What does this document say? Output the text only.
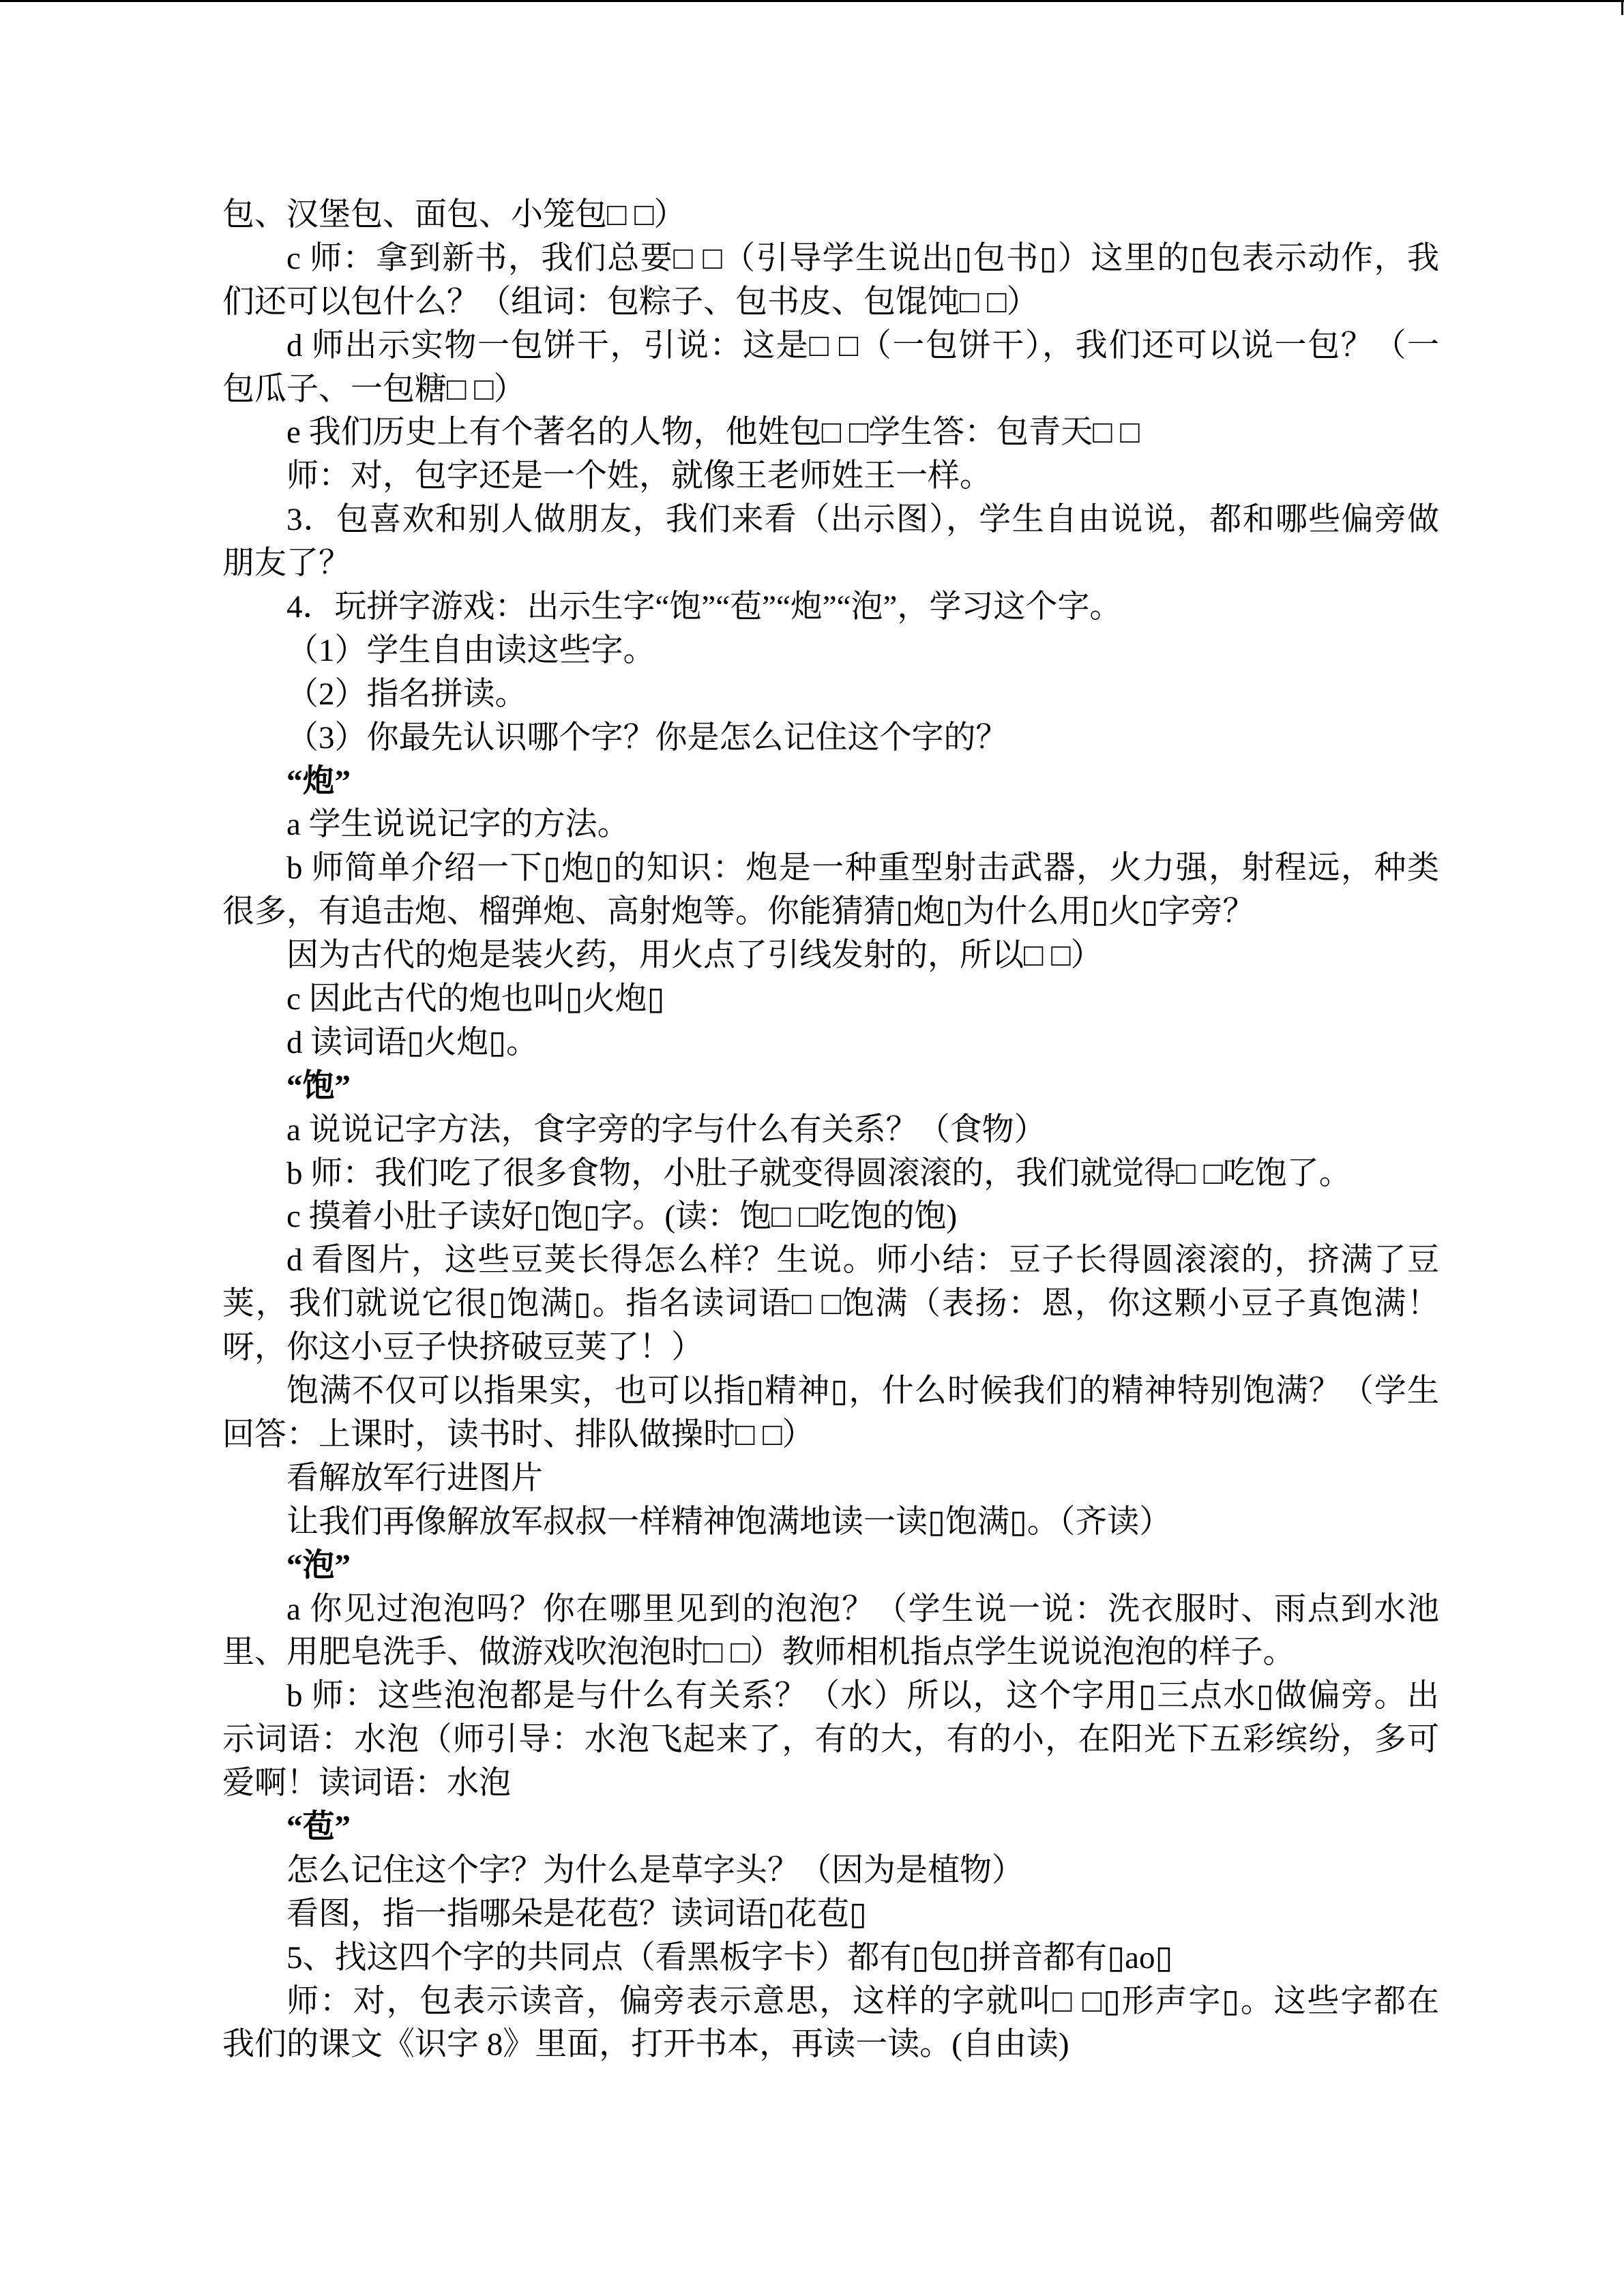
包、汉堡包、面包、小笼包□ □）
c 师：拿到新书，我们总要□ □（引导学生说出▯包书▯）这里的▯包表示动作，我
们还可以包什么？（组词：包粽子、包书皮、包馄饨□ □）
d 师出示实物一包饼干，引说：这是□ □（一包饼干），我们还可以说一包？（一
包瓜子、一包糖□ □）
e 我们历史上有个著名的人物，他姓包□ □学生答：包青天□ □
师：对，包字还是一个姓，就像王老师姓王一样。
3．包喜欢和别人做朋友，我们来看（出示图），学生自由说说，都和哪些偏旁做
朋友了？
4．玩拼字游戏：出示生字“饱”“苞”“炮”“泡”，学习这个字。
（1）学生自由读这些字。
（2）指名拼读。
（3）你最先认识哪个字？你是怎么记住这个字的？
“炮”
a 学生说说记字的方法。
b 师简单介绍一下▯炮▯的知识：炮是一种重型射击武器，火力强，射程远，种类
很多，有追击炮、榴弹炮、高射炮等。你能猜猜▯炮▯为什么用▯火▯字旁？
因为古代的炮是装火药，用火点了引线发射的，所以□ □）
c 因此古代的炮也叫▯火炮▯
d 读词语▯火炮▯。
“饱”
a 说说记字方法，食字旁的字与什么有关系？（食物）
b 师：我们吃了很多食物，小肚子就变得圆滚滚的，我们就觉得□ □吃饱了。
c 摸着小肚子读好▯饱▯字。(读：饱□ □吃饱的饱)
d 看图片，这些豆荚长得怎么样？生说。师小结：豆子长得圆滚滚的，挤满了豆
荚，我们就说它很▯饱满▯。指名读词语□ □饱满（表扬：恩，你这颗小豆子真饱满！
呀，你这小豆子快挤破豆荚了！）
饱满不仅可以指果实，也可以指▯精神▯，什么时候我们的精神特别饱满？（学生
回答：上课时，读书时、排队做操时□ □）
看解放军行进图片
让我们再像解放军叔叔一样精神饱满地读一读▯饱满▯。（齐读）
“泡”
a 你见过泡泡吗？你在哪里见到的泡泡？（学生说一说：洗衣服时、雨点到水池
里、用肥皂洗手、做游戏吹泡泡时□ □）教师相机指点学生说说泡泡的样子。
b 师：这些泡泡都是与什么有关系？（水）所以，这个字用▯三点水▯做偏旁。出
示词语：水泡（师引导：水泡飞起来了，有的大，有的小，在阳光下五彩缤纷，多可
爱啊！读词语：水泡
“苞”
怎么记住这个字？为什么是草字头？（因为是植物）
看图，指一指哪朵是花苞？读词语▯花苞▯
5、找这四个字的共同点（看黑板字卡）都有▯包▯拼音都有▯ao▯
师：对，包表示读音，偏旁表示意思，这样的字就叫□ □▯形声字▯。这些字都在
我们的课文《识字 8》里面，打开书本，再读一读。(自由读)
